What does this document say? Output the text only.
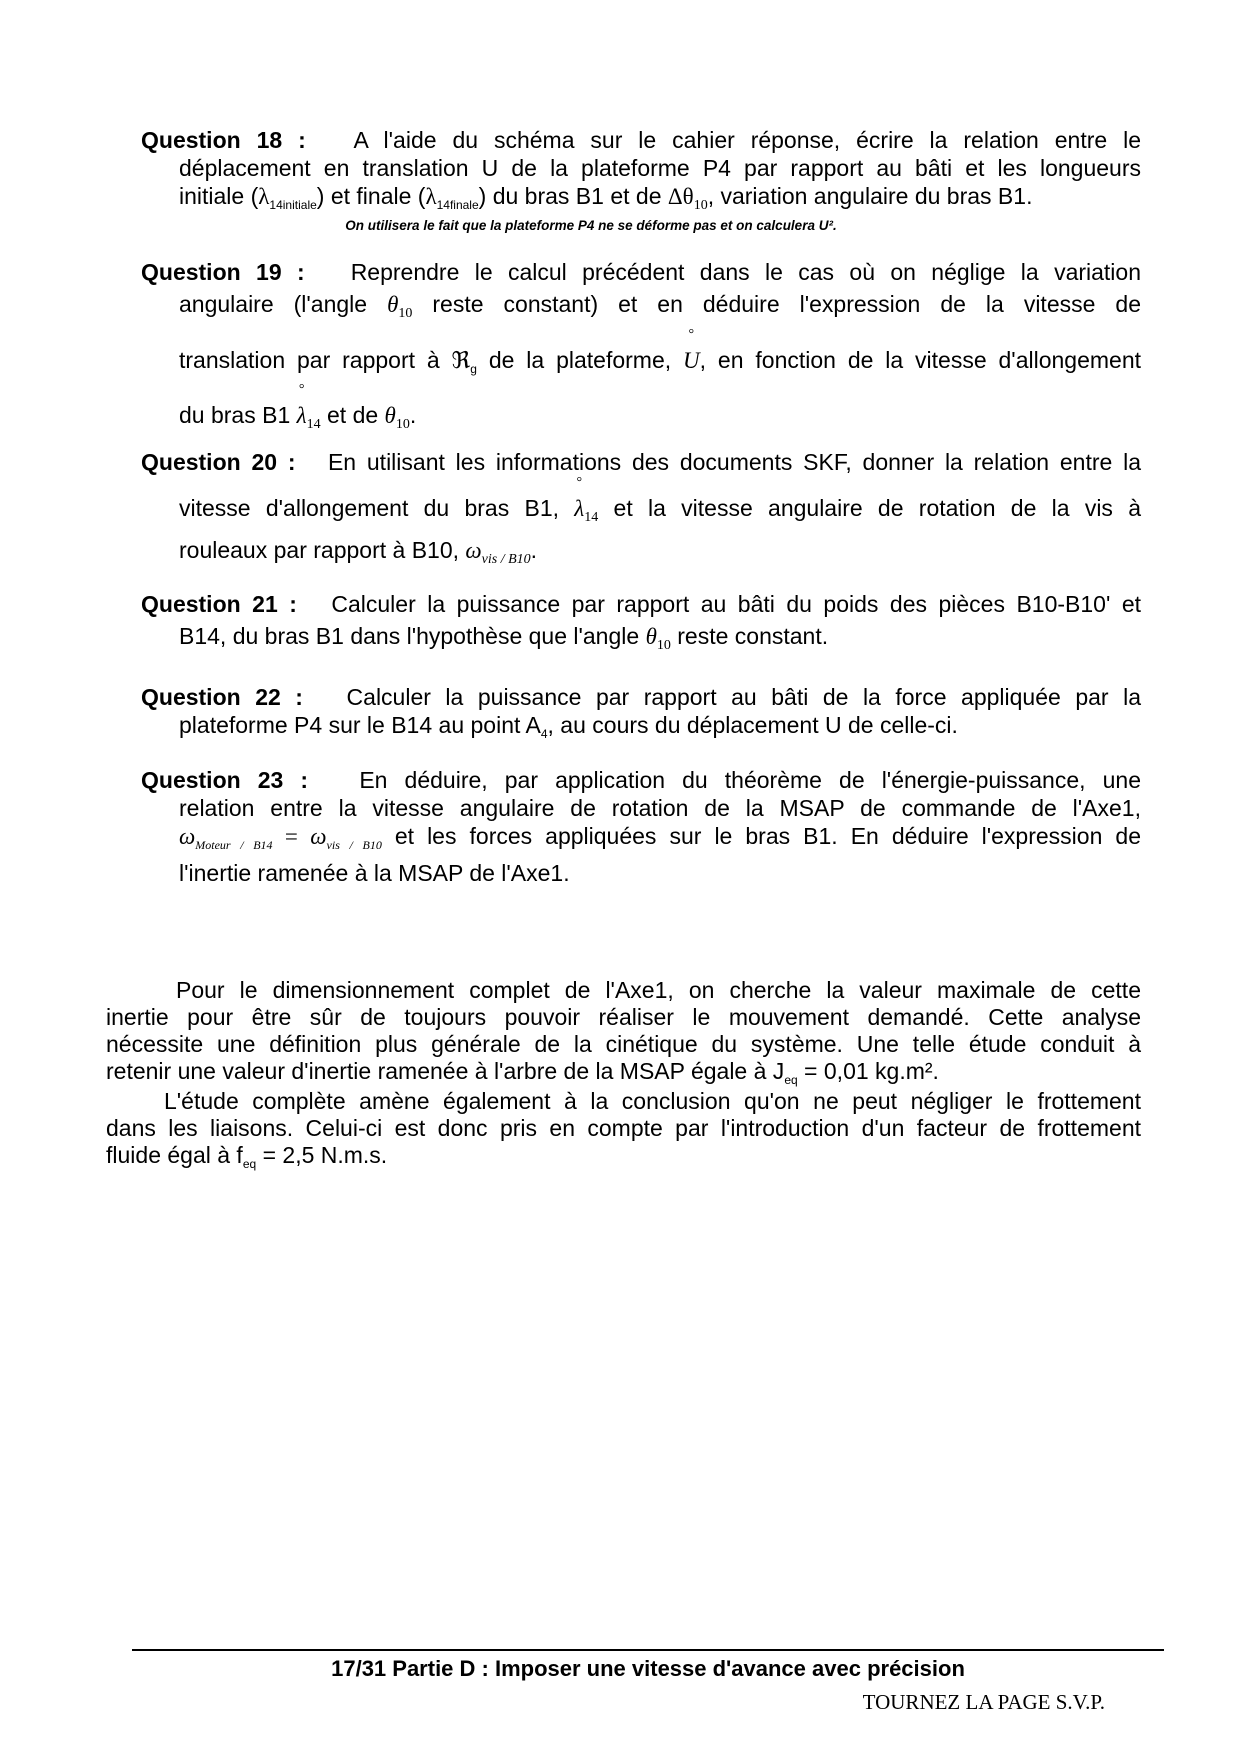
Question 18 : A l'aide du schéma sur le cahier réponse, écrire la relation entre le
déplacement en translation U de la plateforme P4 par rapport au bâti et les longueurs
initiale $(\lambda_{14initiale})$ et finale $(\lambda_{14finale})$ du bras B1 et de $\Delta\theta_{10}$, variation angulaire du bras B1.
On utilisera le fait que la plateforme P4 ne se déforme pas et on calculera U².
Question 19 : Reprendre le calcul précédent dans le cas où on néglige la variation
angulaire (l'angle $\theta_{10}$ reste constant) et en déduire l'expression de la vitesse de
translation par rapport à ℜ$_g$ de la plateforme, ° U, en fonction de la vitesse d'allongement
du bras B1 ° $\lambda_{14}$ et de $\theta_{10}$.
Question 20 : En utilisant les informations des documents SKF, donner la relation entre la
vitesse d'allongement du bras B1, ° $\lambda_{14}$ et la vitesse angulaire de rotation de la vis à
rouleaux par rapport à B10, $\omega_{vis / B10}$.
Question 21 : Calculer la puissance par rapport au bâti du poids des pièces B10-B10' et
B14, du bras B1 dans l'hypothèse que l'angle $\theta_{10}$ reste constant.
Question 22 : Calculer la puissance par rapport au bâti de la force appliquée par la
plateforme P4 sur le B14 au point $A_4$, au cours du déplacement U de celle-ci.
Question 23 : En déduire, par application du théorème de l'énergie-puissance, une
relation entre la vitesse angulaire de rotation de la MSAP de commande de l'Axe1,
$\omega_{Moteur / B14} = \omega_{vis / B10}$ et les forces appliquées sur le bras B1. En déduire l'expression de
l'inertie ramenée à la MSAP de l'Axe1.
Pour le dimensionnement complet de l'Axe1, on cherche la valeur maximale de cette
inertie pour être sûr de toujours pouvoir réaliser le mouvement demandé. Cette analyse
nécessite une définition plus générale de la cinétique du système. Une telle étude conduit à
retenir une valeur d'inertie ramenée à l'arbre de la MSAP égale à $J_{eq} = 0,01$ kg.m².
L'étude complète amène également à la conclusion qu'on ne peut négliger le frottement
dans les liaisons. Celui-ci est donc pris en compte par l'introduction d'un facteur de frottement
fluide égal à $f_{eq} = 2,5$ N.m.s.
17/31 Partie D : Imposer une vitesse d'avance avec précision
TOURNEZ LA PAGE S.V.P.
